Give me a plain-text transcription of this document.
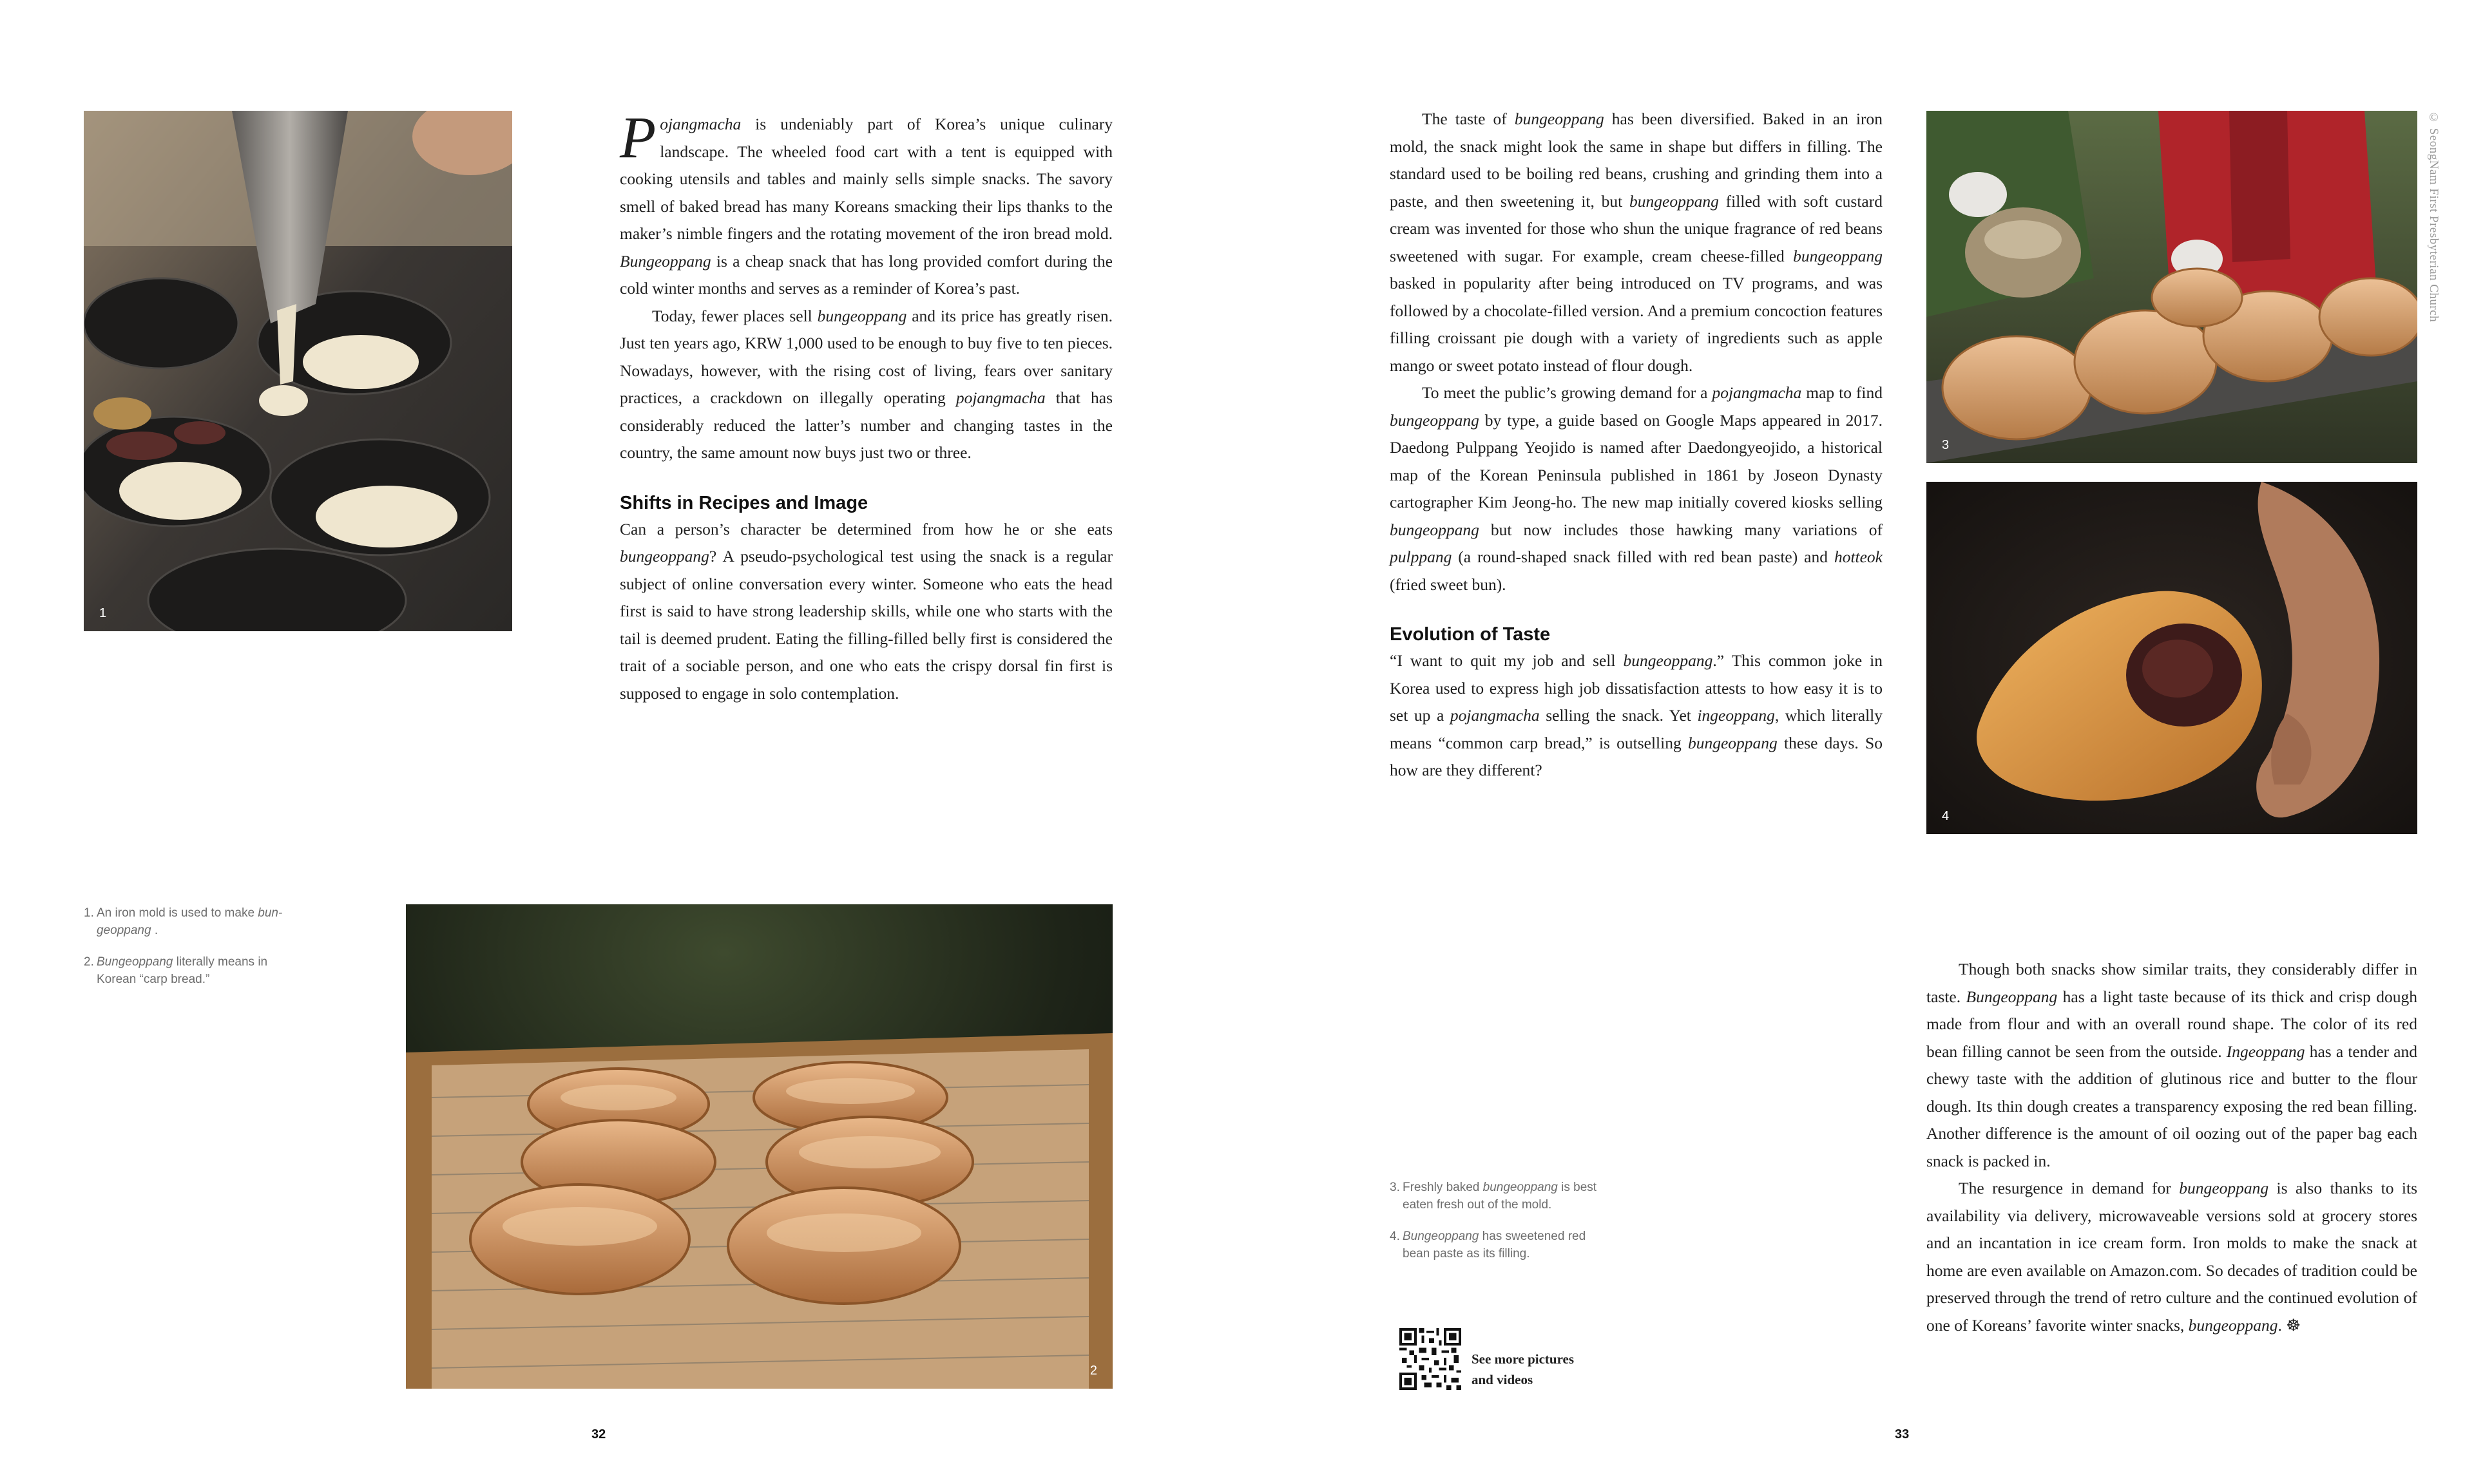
1

Pojangmacha is undeniably part of Korea’s unique culinary landscape. The wheeled food cart with a tent is equipped with cooking utensils and tables and mainly sells simple snacks. The savory smell of baked bread has many Koreans smacking their lips thanks to the maker’s nimble fingers and the rotating movement of the iron bread mold. Bungeoppang is a cheap snack that has long provided comfort during the cold winter months and serves as a reminder of Korea’s past.

Today, fewer places sell bungeoppang and its price has greatly risen. Just ten years ago, KRW 1,000 used to be enough to buy five to ten pieces. Nowadays, however, with the rising cost of living, fears over sanitary practices, a crackdown on illegally operating pojangmacha that has considerably reduced the latter’s number and changing tastes in the country, the same amount now buys just two or three.

Shifts in Recipes and Image

Can a person’s character be determined from how he or she eats bungeoppang? A pseudo-psychological test using the snack is a regular subject of online conversation every winter. Someone who eats the head first is said to have strong leadership skills, while one who starts with the tail is deemed prudent. Eating the filling-filled belly first is considered the trait of a sociable person, and one who eats the crispy dorsal fin first is supposed to engage in solo contemplation.

1. An iron mold is used to make bun-geoppang .
2. Bungeoppang literally means in Korean “carp bread.”
2
32

The taste of bungeoppang has been diversified. Baked in an iron mold, the snack might look the same in shape but differs in filling. The standard used to be boiling red beans, crushing and grinding them into a paste, and then sweetening it, but bungeoppang filled with soft custard cream was invented for those who shun the unique fragrance of red beans sweetened with sugar. For example, cream cheese-filled bungeoppang basked in popularity after being introduced on TV programs, and was followed by a chocolate-filled version. And a premium concoction features filling croissant pie dough with a variety of ingredients such as apple mango or sweet potato instead of flour dough.

To meet the public’s growing demand for a pojangmacha map to find bungeoppang by type, a guide based on Google Maps appeared in 2017. Daedong Pulppang Yeojido is named after Daedongyeojido, a historical map of the Korean Peninsula published in 1861 by Joseon Dynasty cartographer Kim Jeong-ho. The new map initially covered kiosks selling bungeoppang but now includes those hawking many variations of pulppang (a round-shaped snack filled with red bean paste) and hotteok (fried sweet bun).

Evolution of Taste

“I want to quit my job and sell bungeoppang.” This common joke in Korea used to express high job dissatisfaction attests to how easy it is to set up a pojangmacha selling the snack. Yet ingeoppang, which literally means “common carp bread,” is outselling bungeoppang these days. So how are they different?

3
© SeongNam First Presbyterian Church
4
3. Freshly baked bungeoppang is best eaten fresh out of the mold.
4. Bungeoppang has sweetened red bean paste as its filling.
See more pictures
and videos

Though both snacks show similar traits, they considerably differ in taste. Bungeoppang has a light taste because of its thick and crisp dough made from flour and with an overall round shape. The color of its red bean filling cannot be seen from the outside. Ingeoppang has a tender and chewy taste with the addition of glutinous rice and butter to the flour dough. Its thin dough creates a transparency exposing the red bean filling. Another difference is the amount of oil oozing out of the paper bag each snack is packed in.

The resurgence in demand for bungeoppang is also thanks to its availability via delivery, microwaveable versions sold at grocery stores and an incantation in ice cream form. Iron molds to make the snack at home are even available on Amazon.com. So decades of tradition could be preserved through the trend of retro culture and the continued evolution of one of Koreans’ favorite winter snacks, bungeoppang. ☸

33
